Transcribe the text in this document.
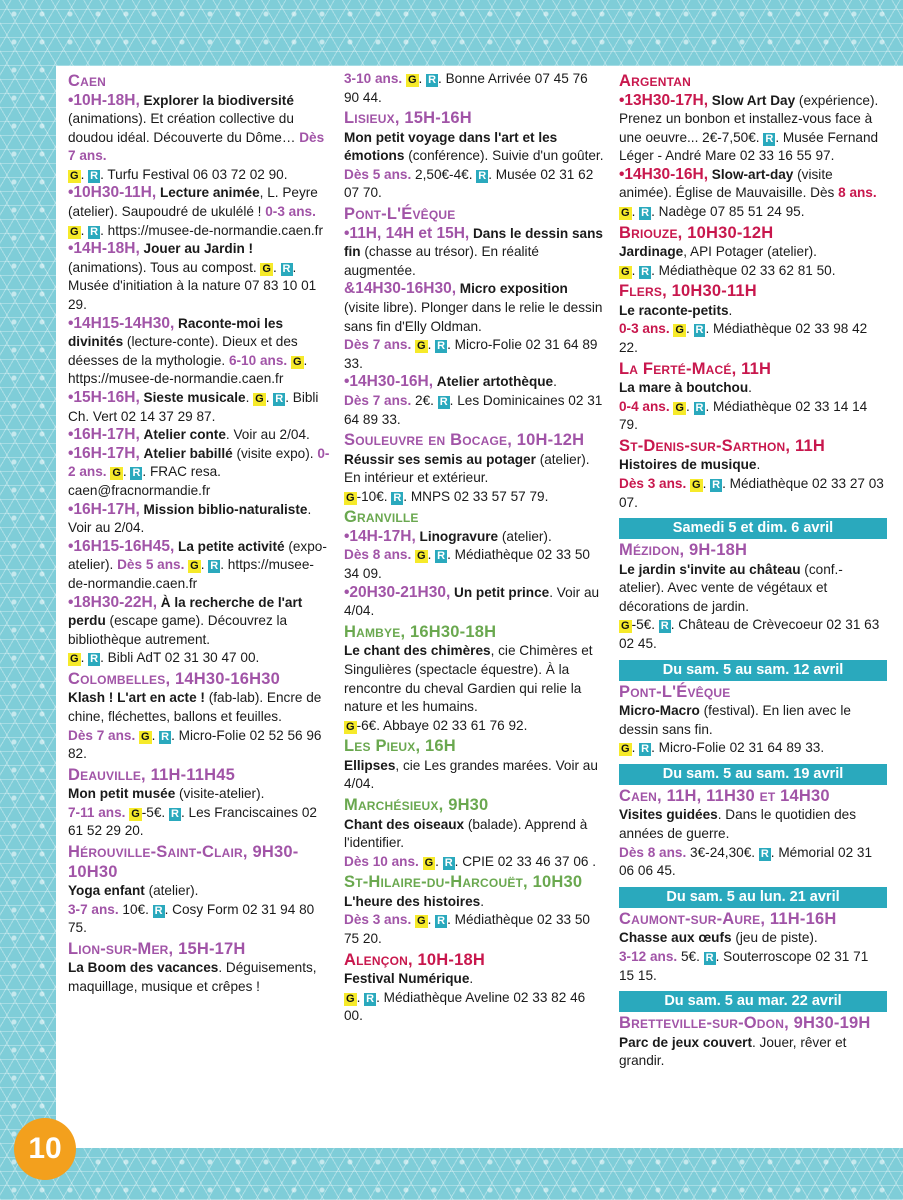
Caen

•10H-18H, Explorer la biodiversité (animations). Et création collective du doudou idéal. Découverte du Dôme… Dès 7 ans.
G . R . Turfu Festival 06 03 72 02 90.

•10H30-11H, Lecture animée, L. Peyre (atelier). Saupoudré de ukulélé ! 0-3 ans.
G . R . https://musee-de-normandie.caen.fr

•14H-18H, Jouer au Jardin ! (animations). Tous au compost. G . R . Musée d'initiation à la nature 07 83 10 01 29.

•14H15-14H30, Raconte-moi les divinités (lecture-conte). Dieux et des déesses de la mythologie. 6-10 ans. G . https://musee-de-normandie.caen.fr

•15H-16H, Sieste musicale. G . R . Bibli Ch. Vert 02 14 37 29 87.

•16H-17H, Atelier conte. Voir au 2/04.

•16H-17H, Atelier babillé (visite expo). 0-2 ans. G . R . FRAC resa. caen@fracnormandie.fr

•16H-17H, Mission biblio-naturaliste. Voir au 2/04.

•16H15-16H45, La petite activité (expo-atelier). Dès 5 ans. G . R . https://musee-de-normandie.caen.fr

•18H30-22H, À la recherche de l'art perdu (escape game). Découvrez la bibliothèque autrement.
G . R . Bibli AdT 02 31 30 47 00.

Colombelles, 14H30-16H30

Klash ! L'art en acte ! (fab-lab). Encre de chine, fléchettes, ballons et feuilles.
Dès 7 ans. G . R . Micro-Folie 02 52 56 96 82.

Deauville, 11H-11H45

Mon petit musée (visite-atelier).
7-11 ans. G -5€. R . Les Franciscaines 02 61 52 29 20.

Hérouville-Saint-Clair, 9H30-10H30

Yoga enfant (atelier).
3-7 ans. 10€. R . Cosy Form 02 31 94 80 75.

Lion-sur-Mer, 15H-17H

La Boom des vacances. Déguisements, maquillage, musique et crêpes !

3-10 ans. G . R . Bonne Arrivée 07 45 76 90 44.

Lisieux, 15H-16H

Mon petit voyage dans l'art et les émotions (conférence). Suivie d'un goûter.
Dès 5 ans. 2,50€-4€. R . Musée 02 31 62 07 70.

Pont-L'Évêque

•11H, 14H et 15H, Dans le dessin sans fin (chasse au trésor). En réalité augmentée.

&14H30-16H30, Micro exposition (visite libre). Plonger dans le relie le dessin sans fin d'Elly Oldman.
Dès 7 ans. G . R . Micro-Folie 02 31 64 89 33.

•14H30-16H, Atelier artothèque.
Dès 7 ans. 2€. R . Les Dominicaines 02 31 64 89 33.

Souleuvre en Bocage, 10H-12H

Réussir ses semis au potager (atelier). En intérieur et extérieur.
G -10€. R . MNPS 02 33 57 57 79.

Granville

•14H-17H, Linogravure (atelier).
Dès 8 ans. G . R . Médiathèque 02 33 50 34 09.

•20H30-21H30, Un petit prince. Voir au 4/04.

Hambye, 16H30-18H

Le chant des chimères, cie Chimères et Singulières (spectacle équestre). À la rencontre du cheval Gardien qui relie la nature et les humains.
G -6€. Abbaye 02 33 61 76 92.

Les Pieux, 16H

Ellipses, cie Les grandes marées. Voir au 4/04.

Marchésieux, 9H30

Chant des oiseaux (balade). Apprend à l'identifier.
Dès 10 ans. G . R . CPIE 02 33 46 37 06 .

St-Hilaire-du-Harcouët, 10H30

L'heure des histoires.
Dès 3 ans. G . R . Médiathèque 02 33 50 75 20.

Alençon, 10H-18H

Festival Numérique.
G . R . Médiathèque Aveline 02 33 82 46 00.

Argentan

•13H30-17H, Slow Art Day (expérience). Prenez un bonbon et installez-vous face à une oeuvre... 2€-7,50€. R . Musée Fernand Léger - André Mare 02 33 16 55 97.

•14H30-16H, Slow-art-day (visite animée). Église de Mauvaisille. Dès 8 ans. G . R . Nadège 07 85 51 24 95.

Briouze, 10H30-12H

Jardinage, API Potager (atelier).
G . R . Médiathèque 02 33 62 81 50.

Flers, 10H30-11H

Le raconte-petits.
0-3 ans. G . R . Médiathèque 02 33 98 42 22.

La Ferté-Macé, 11H

La mare à boutchou.
0-4 ans. G . R . Médiathèque 02 33 14 14 79.

St-Denis-sur-Sarthon, 11H

Histoires de musique.
Dès 3 ans. G . R . Médiathèque 02 33 27 03 07.

Samedi 5 et dim. 6 avril

Mézidon, 9H-18H

Le jardin s'invite au château (conf.-atelier). Avec vente de végétaux et décorations de jardin.
G -5€. R . Château de Crèvecoeur 02 31 63 02 45.

Du sam. 5 au sam. 12 avril

Pont-L'Évêque

Micro-Macro (festival). En lien avec le dessin sans fin.
G . R . Micro-Folie 02 31 64 89 33.

Du sam. 5 au sam. 19 avril

Caen, 11H, 11H30 et 14H30

Visites guidées. Dans le quotidien des années de guerre.
Dès 8 ans. 3€-24,30€. R . Mémorial 02 31 06 06 45.

Du sam. 5 au lun. 21 avril

Caumont-sur-Aure, 11H-16H

Chasse aux œufs (jeu de piste).
3-12 ans. 5€. R . Souterroscope 02 31 71 15 15.

Du sam. 5 au mar. 22 avril

Bretteville-sur-Odon, 9H30-19H

Parc de jeux couvert. Jouer, rêver et grandir.

10
